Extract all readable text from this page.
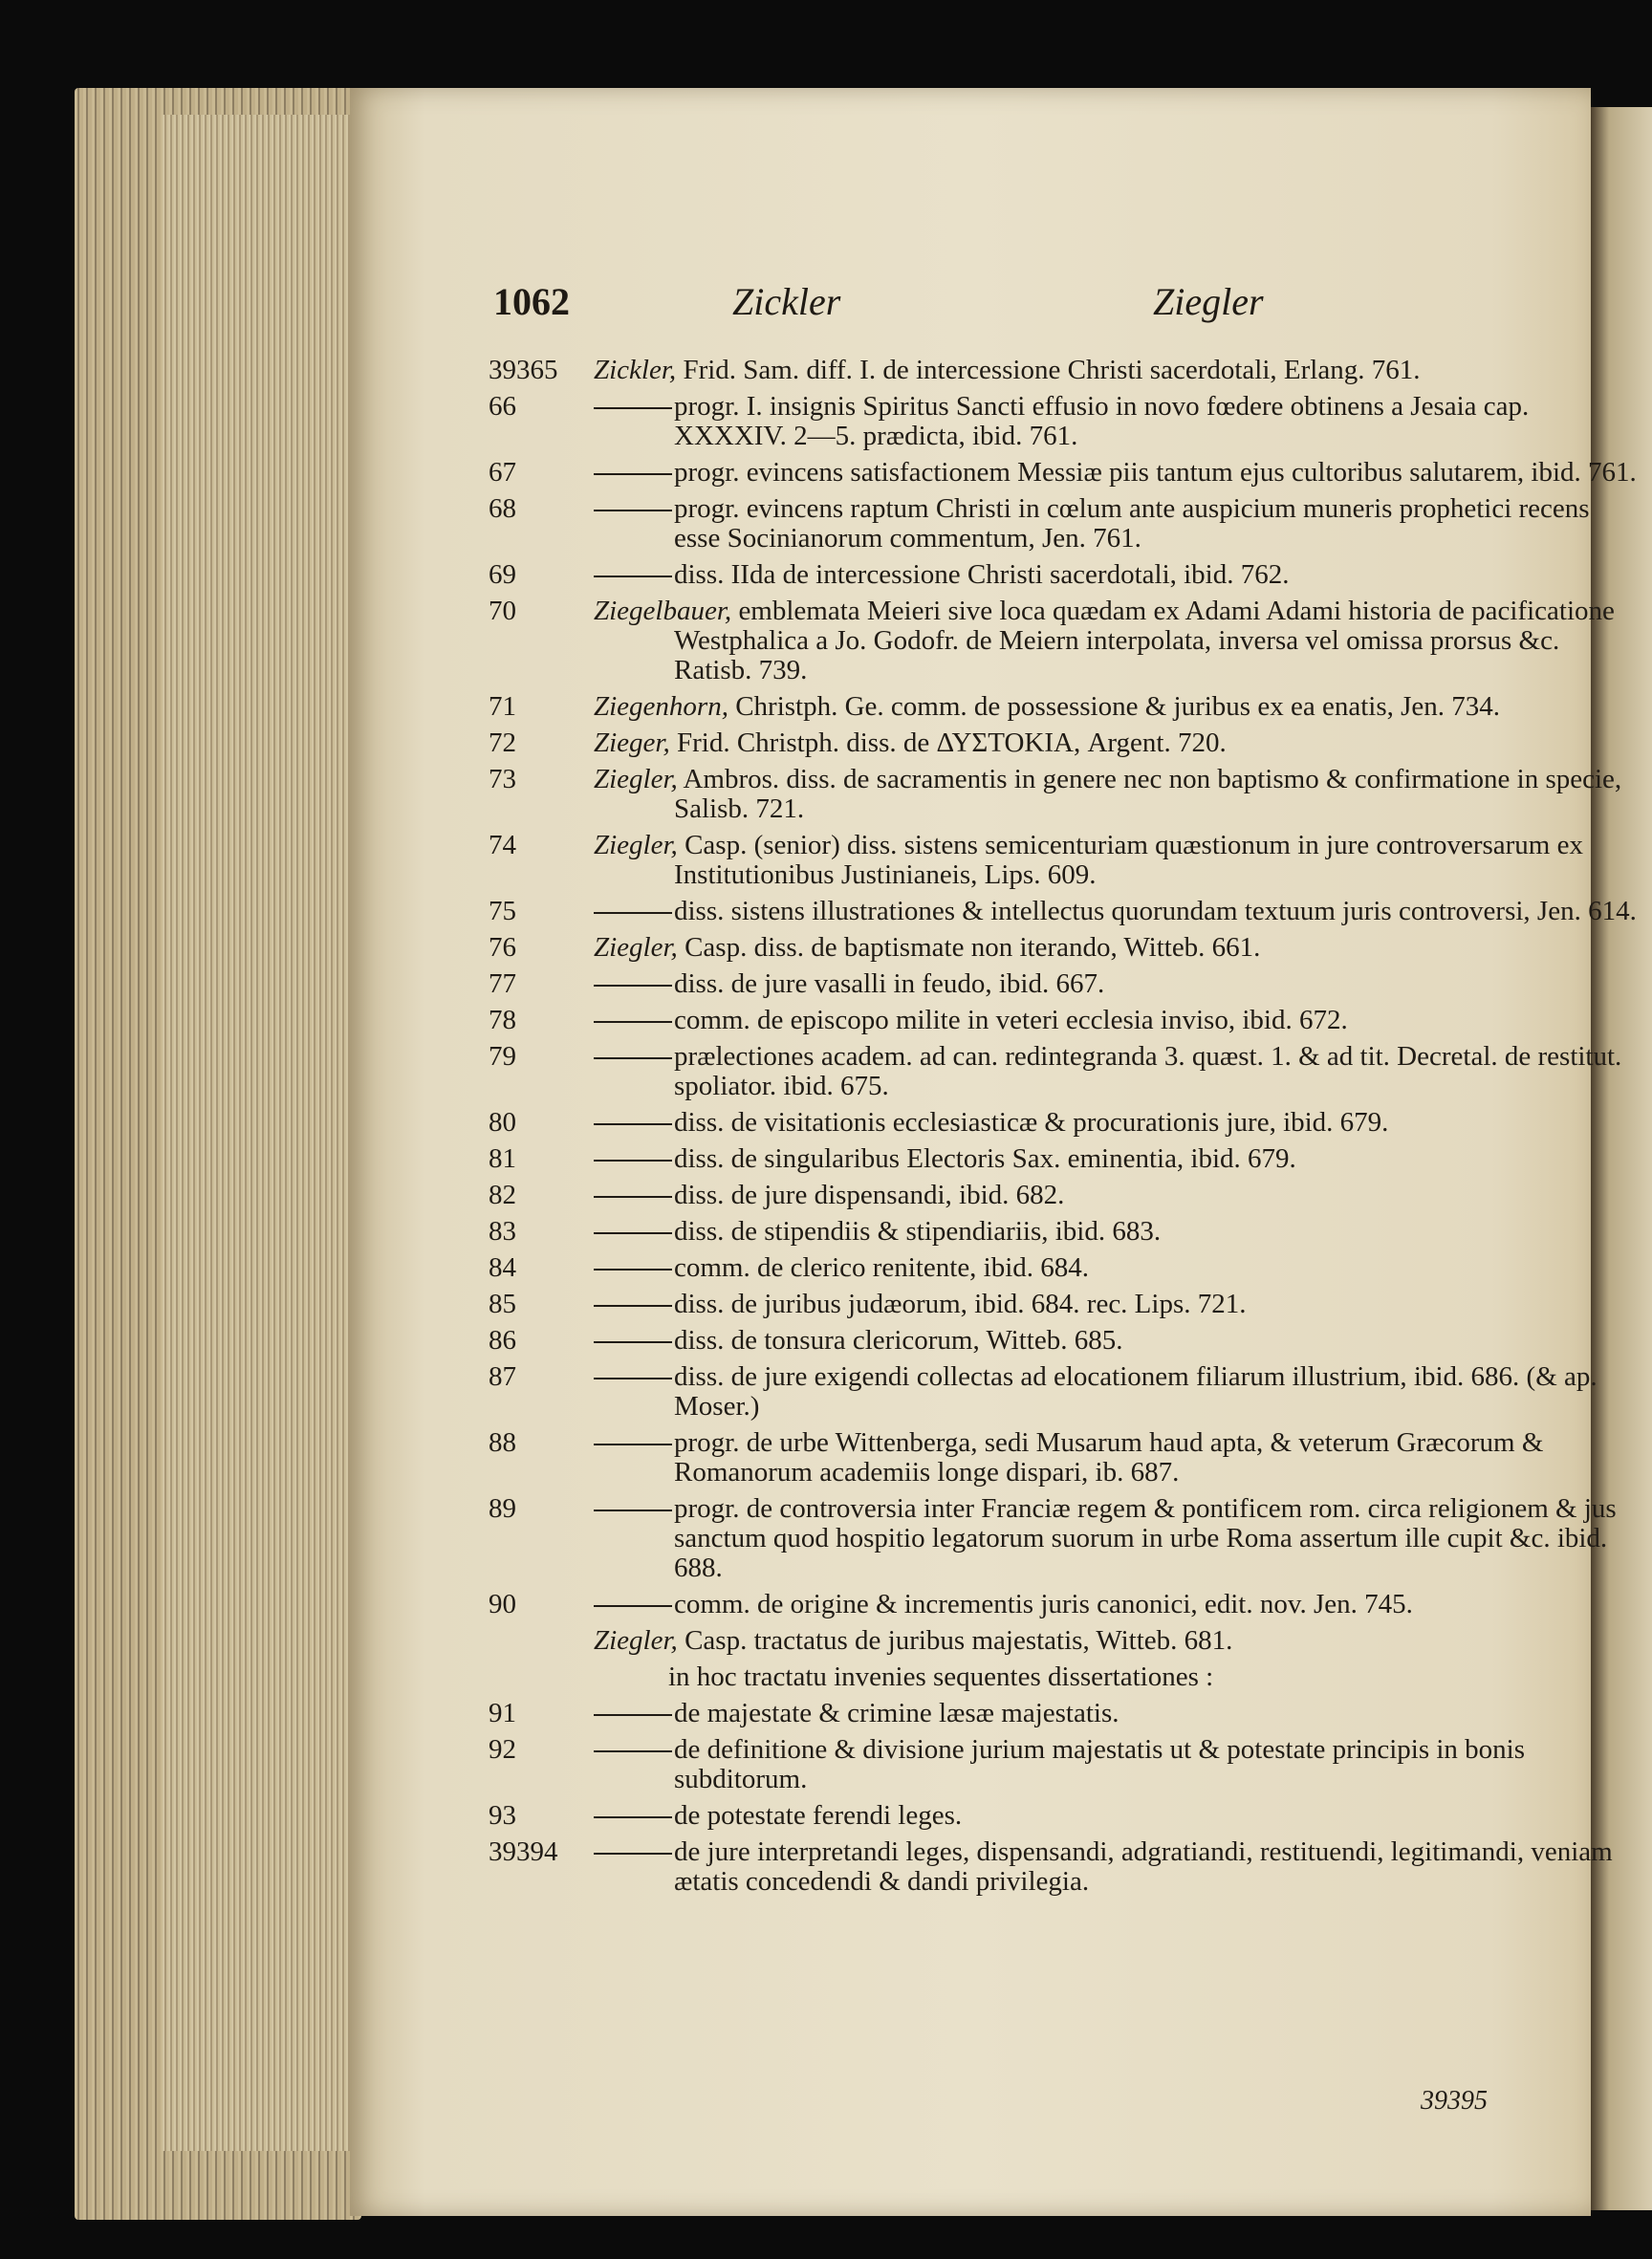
1062	Zickler	Ziegler
39365	Zickler, Frid. Sam. diff. I. de intercessione Christi sacerdotali, Erlang. 761.
66	progr. I. insignis Spiritus Sancti effusio in novo fœdere obtinens a Jesaia cap. XXXXIV. 2—5. prædicta, ibid. 761.
67	progr. evincens satisfactionem Messiæ piis tantum ejus cultoribus salutarem, ibid. 761.
68	progr. evincens raptum Christi in cœlum ante auspicium muneris prophetici recens esse Socinianorum commentum, Jen. 761.
69	diss. IIda de intercessione Christi sacerdotali, ibid. 762.
70	Ziegelbauer, emblemata Meieri sive loca quædam ex Adami Adami historia de pacificatione Westphalica a Jo. Godofr. de Meiern interpolata, inversa vel omissa prorsus &c. Ratisb. 739.
71	Ziegenhorn, Christph. Ge. comm. de possessione & juribus ex ea enatis, Jen. 734.
72	Zieger, Frid. Christph. diss. de ΔΥΣΤΟΚΙΑ, Argent. 720.
73	Ziegler, Ambros. diss. de sacramentis in genere nec non baptismo & confirmatione in specie, Salisb. 721.
74	Ziegler, Casp. (senior) diss. sistens semicenturiam quæstionum in jure controversarum ex Institutionibus Justinianeis, Lips. 609.
75	diss. sistens illustrationes & intellectus quorundam textuum juris controversi, Jen. 614.
76	Ziegler, Casp. diss. de baptismate non iterando, Witteb. 661.
77	diss. de jure vasalli in feudo, ibid. 667.
78	comm. de episcopo milite in veteri ecclesia inviso, ibid. 672.
79	prælectiones academ. ad can. redintegranda 3. quæst. 1. & ad tit. Decretal. de restitut. spoliator. ibid. 675.
80	diss. de visitationis ecclesiasticæ & procurationis jure, ibid. 679.
81	diss. de singularibus Electoris Sax. eminentia, ibid. 679.
82	diss. de jure dispensandi, ibid. 682.
83	diss. de stipendiis & stipendiariis, ibid. 683.
84	comm. de clerico renitente, ibid. 684.
85	diss. de juribus judæorum, ibid. 684. rec. Lips. 721.
86	diss. de tonsura clericorum, Witteb. 685.
87	diss. de jure exigendi collectas ad elocationem filiarum illustrium, ibid. 686. (& ap. Moser.)
88	progr. de urbe Wittenberga, sedi Musarum haud apta, & veterum Græcorum & Romanorum academiis longe dispari, ib. 687.
89	progr. de controversia inter Franciæ regem & pontificem rom. circa religionem & jus sanctum quod hospitio legatorum suorum in urbe Roma assertum ille cupit &c. ibid. 688.
90	comm. de origine & incrementis juris canonici, edit. nov. Jen. 745.
Ziegler, Casp. tractatus de juribus majestatis, Witteb. 681.
in hoc tractatu invenies sequentes dissertationes :
91	de majestate & crimine læsæ majestatis.
92	de definitione & divisione jurium majestatis ut & potestate principis in bonis subditorum.
93	de potestate ferendi leges.
39394	de jure interpretandi leges, dispensandi, adgratiandi, restituendi, legitimandi, veniam ætatis concedendi & dandi privilegia.
39395
